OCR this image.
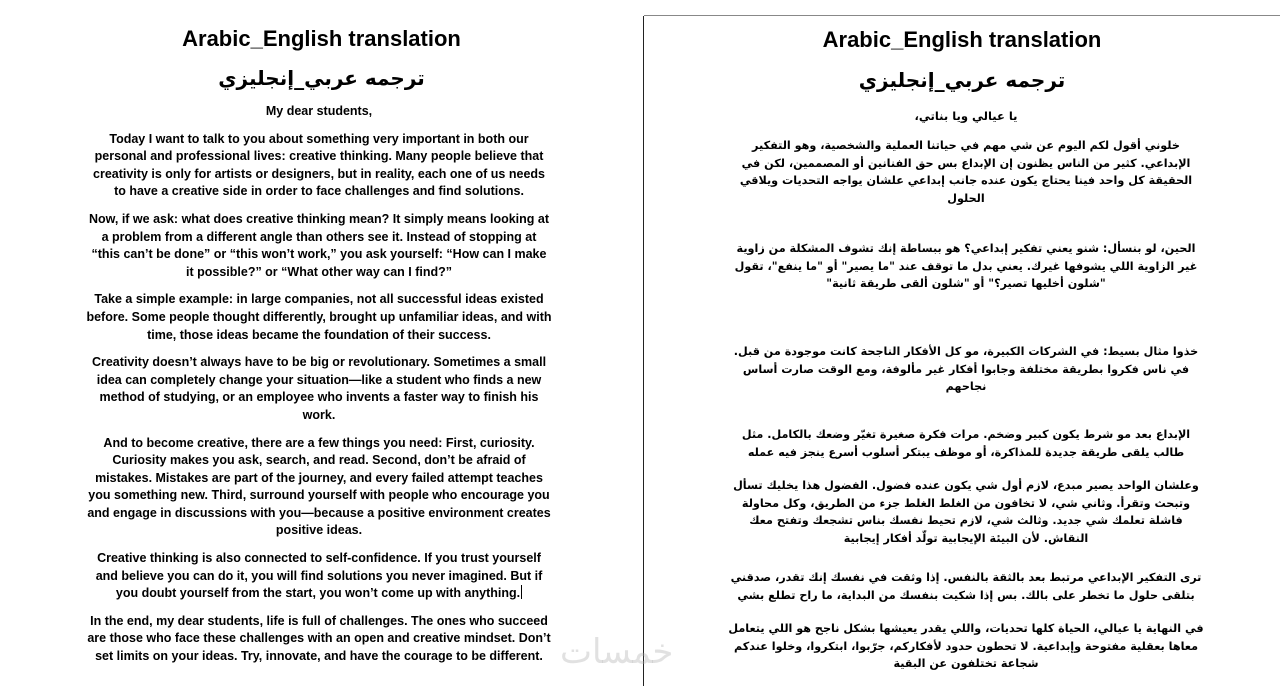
Arabic_English translation
ترجمه عربي_إنجليزي

My dear students,

Today I want to talk to you about something very important in both our personal and professional lives: creative thinking. Many people believe that creativity is only for artists or designers, but in reality, each one of us needs to have a creative side in order to face challenges and find solutions.

Now, if we ask: what does creative thinking mean? It simply means looking at a problem from a different angle than others see it. Instead of stopping at “this can’t be done” or “this won’t work,” you ask yourself: “How can I make it possible?” or “What other way can I find?”

Take a simple example: in large companies, not all successful ideas existed before. Some people thought differently, brought up unfamiliar ideas, and with time, those ideas became the foundation of their success.

Creativity doesn’t always have to be big or revolutionary. Sometimes a small idea can completely change your situation—like a student who finds a new method of studying, or an employee who invents a faster way to finish his work.

And to become creative, there are a few things you need: First, curiosity. Curiosity makes you ask, search, and read. Second, don’t be afraid of mistakes. Mistakes are part of the journey, and every failed attempt teaches you something new. Third, surround yourself with people who encourage you and engage in discussions with you—because a positive environment creates positive ideas.

Creative thinking is also connected to self-confidence. If you trust yourself and believe you can do it, you will find solutions you never imagined. But if you doubt yourself from the start, you won’t come up with anything.

In the end, my dear students, life is full of challenges. The ones who succeed are those who face these challenges with an open and creative mindset. Don’t set limits on your ideas. Try, innovate, and have the courage to be different.

Arabic_English translation
ترجمه عربي_إنجليزي

يا عيالي ويا بناتي،

خلوني أقول لكم اليوم عن شي مهم في حياتنا العملية والشخصية، وهو التفكير الإبداعي. كثير من الناس يظنون إن الإبداع بس حق الفنانين أو المصممين، لكن في الحقيقة كل واحد فينا يحتاج يكون عنده جانب إبداعي علشان يواجه التحديات ويلاقي الحلول

الحين، لو بنسأل: شنو يعني تفكير إبداعي؟ هو ببساطة إنك تشوف المشكلة من زاوية غير الزاوية اللي يشوفها غيرك. يعني بدل ما توقف عند "ما يصير" أو "ما ينفع"، تقول "شلون أخليها تصير؟" أو "شلون ألقى طريقة ثانية"

خذوا مثال بسيط: في الشركات الكبيرة، مو كل الأفكار الناجحة كانت موجودة من قبل. في ناس فكروا بطريقة مختلفة وجابوا أفكار غير مألوفة، ومع الوقت صارت أساس نجاحهم

الإبداع بعد مو شرط يكون كبير وضخم. مرات فكرة صغيرة تغيّر وضعك بالكامل. مثل طالب يلقى طريقة جديدة للمذاكرة، أو موظف يبتكر أسلوب أسرع ينجز فيه عمله

وعلشان الواحد يصير مبدع، لازم أول شي يكون عنده فضول. الفضول هذا يخليك تسأل وتبحث وتقرأ. وثاني شي، لا تخافون من الغلط الغلط جزء من الطريق، وكل محاولة فاشلة تعلمك شي جديد. وثالث شي، لازم تحيط نفسك بناس تشجعك وتفتح معك النقاش. لأن البيئة الإيجابية تولّد أفكار إيجابية

ترى التفكير الإبداعي مرتبط بعد بالثقة بالنفس. إذا وثقت في نفسك إنك تقدر، صدقني بتلقى حلول ما تخطر على بالك. بس إذا شكيت بنفسك من البداية، ما راح تطلع بشي

في النهاية يا عيالي، الحياة كلها تحديات، واللي يقدر يعيشها بشكل ناجح هو اللي يتعامل معاها بعقلية مفتوحة وإبداعية. لا تحطون حدود لأفكاركم، جرّبوا، ابتكروا، وخلوا عندكم شجاعة تختلفون عن البقية

خمسات
